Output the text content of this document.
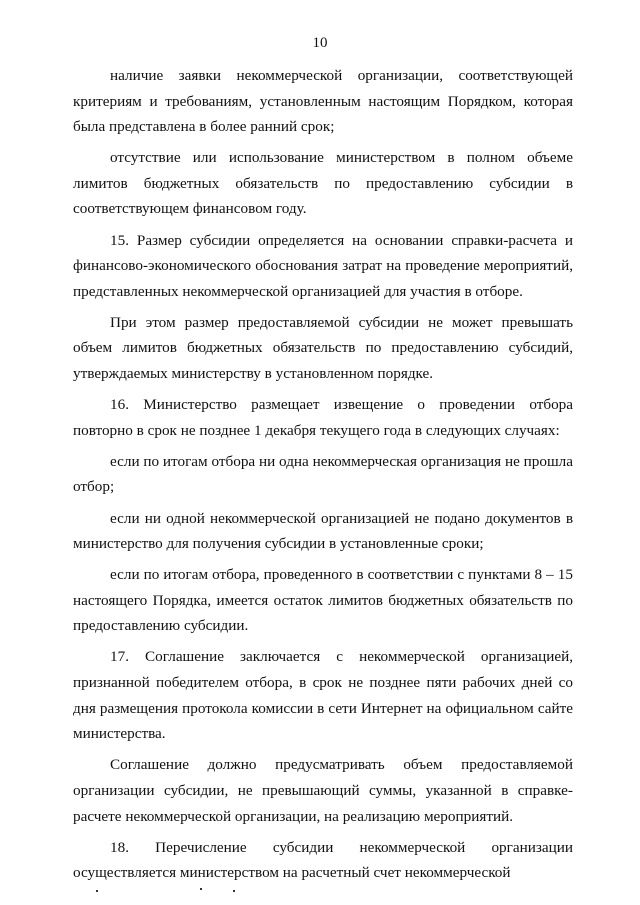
10

наличие заявки некоммерческой организации, соответствующей критериям и требованиям, установленным настоящим Порядком, которая была представлена в более ранний срок;

отсутствие или использование министерством в полном объеме лимитов бюджетных обязательств по предоставлению субсидии в соответствующем финансовом году.

15. Размер субсидии определяется на основании справки-расчета и финансово-экономического обоснования затрат на проведение мероприятий, представленных некоммерческой организацией для участия в отборе.

При этом размер предоставляемой субсидии не может превышать объем лимитов бюджетных обязательств по предоставлению субсидий, утверждаемых министерству в установленном порядке.

16. Министерство размещает извещение о проведении отбора повторно в срок не позднее 1 декабря текущего года в следующих случаях:

если по итогам отбора ни одна некоммерческая организация не прошла отбор;

если ни одной некоммерческой организацией не подано документов в министерство для получения субсидии в установленные сроки;

если по итогам отбора, проведенного в соответствии с пунктами 8 – 15 настоящего Порядка, имеется остаток лимитов бюджетных обязательств по предоставлению субсидии.

17. Соглашение заключается с некоммерческой организацией, признанной победителем отбора, в срок не позднее пяти рабочих дней со дня размещения протокола комиссии в сети Интернет на официальном сайте министерства.

Соглашение должно предусматривать объем предоставляемой организации субсидии, не превышающий суммы, указанной в справке-расчете некоммерческой организации, на реализацию мероприятий.

18. Перечисление субсидии некоммерческой организации осуществляется министерством на расчетный счет некоммерческой
